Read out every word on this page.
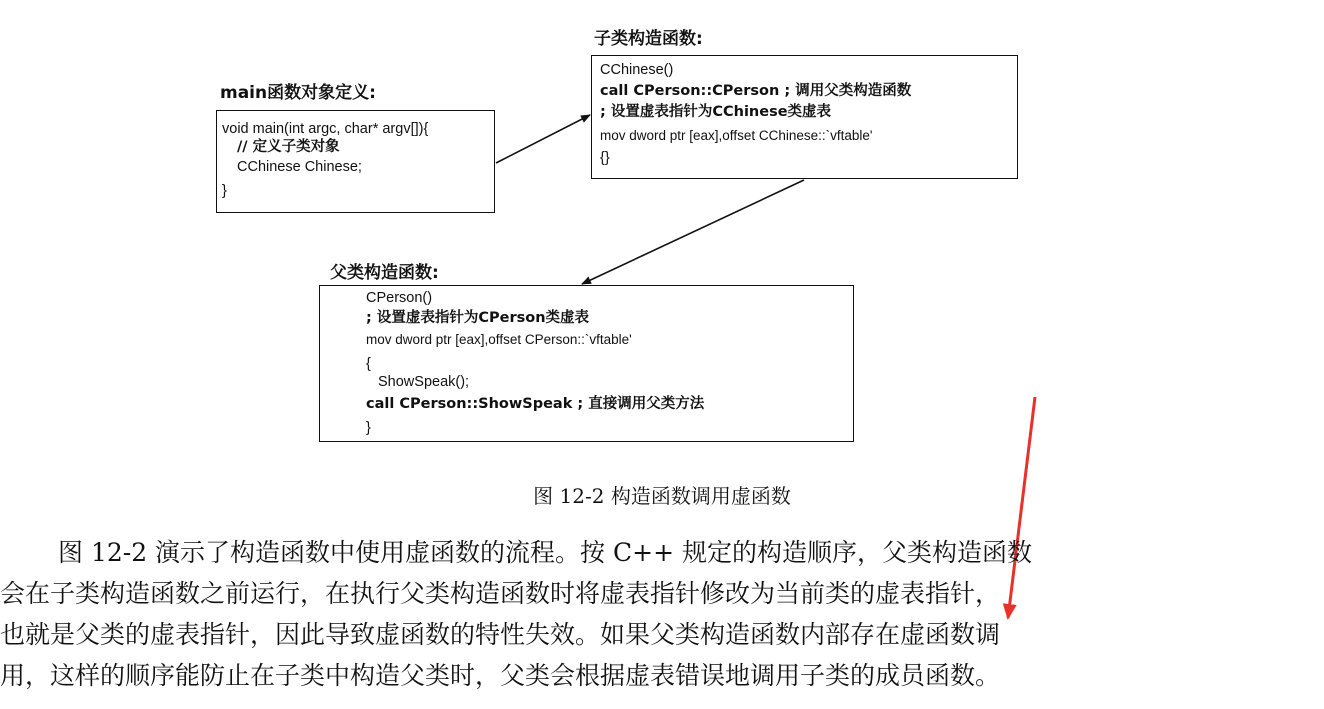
main函数对象定义:
void main(int argc, char* argv[]){
// 定义子类对象
CChinese Chinese;
}
子类构造函数:
CChinese()
call CPerson::CPerson ; 调用父类构造函数
; 设置虚表指针为CChinese类虚表
mov dword ptr [eax],offset CChinese::`vftable'
{}
父类构造函数:
CPerson()
; 设置虚表指针为CPerson类虚表
mov dword ptr [eax],offset CPerson::`vftable'
{
ShowSpeak();
call CPerson::ShowSpeak ; 直接调用父类方法
}
图 12-2 构造函数调用虚函数

图 12-2 演示了构造函数中使用虚函数的流程。按 C++ 规定的构造顺序，父类构造函数

会在子类构造函数之前运行，在执行父类构造函数时将虚表指针修改为当前类的虚表指针，

也就是父类的虚表指针，因此导致虚函数的特性失效。如果父类构造函数内部存在虚函数调

用，这样的顺序能防止在子类中构造父类时，父类会根据虚表错误地调用子类的成员函数。
